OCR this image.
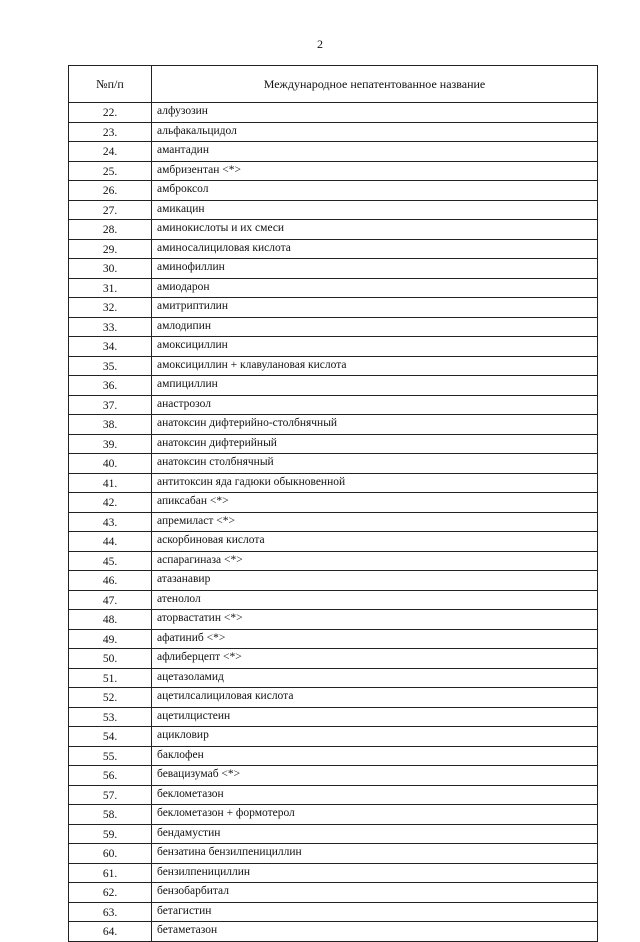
2
№п/п	Международное непатентованное название
22.	алфузозин
23.	альфакальцидол
24.	амантадин
25.	амбризентан <*>
26.	амброксол
27.	амикацин
28.	аминокислоты и их смеси
29.	аминосалициловая кислота
30.	аминофиллин
31.	амиодарон
32.	амитриптилин
33.	амлодипин
34.	амоксициллин
35.	амоксициллин + клавулановая кислота
36.	ампициллин
37.	анастрозол
38.	анатоксин дифтерийно-столбнячный
39.	анатоксин дифтерийный
40.	анатоксин столбнячный
41.	антитоксин яда гадюки обыкновенной
42.	апиксабан <*>
43.	апремиласт <*>
44.	аскорбиновая кислота
45.	аспарагиназа <*>
46.	атазанавир
47.	атенолол
48.	аторвастатин <*>
49.	афатиниб <*>
50.	афлиберцепт <*>
51.	ацетазоламид
52.	ацетилсалициловая кислота
53.	ацетилцистеин
54.	ацикловир
55.	баклофен
56.	бевацизумаб <*>
57.	беклометазон
58.	беклометазон + формотерол
59.	бендамустин
60.	бензатина бензилпенициллин
61.	бензилпенициллин
62.	бензобарбитал
63.	бетагистин
64.	бетаметазон
